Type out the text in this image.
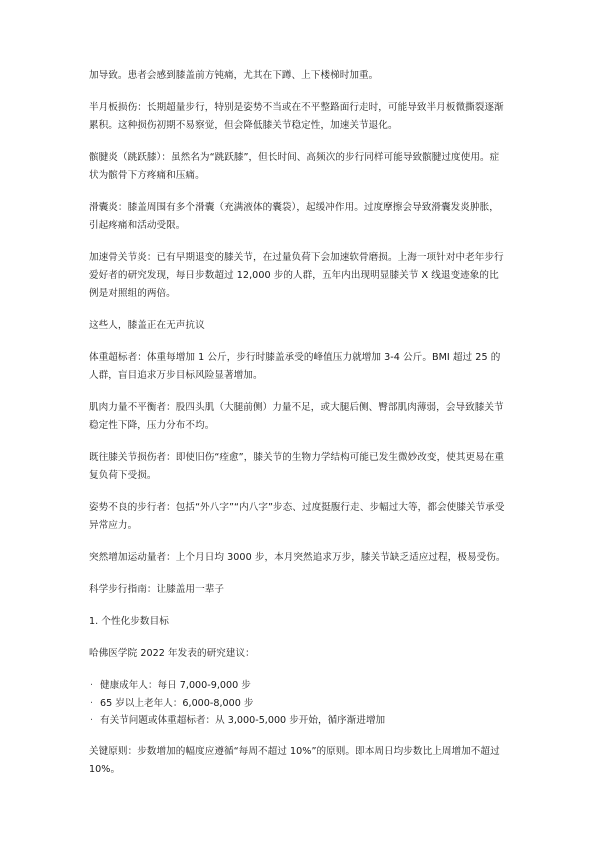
加导致。患者会感到膝盖前方钝痛，尤其在下蹲、上下楼梯时加重。

半月板损伤：长期超量步行，特别是姿势不当或在不平整路面行走时，可能导致半月板微撕裂逐渐累积。这种损伤初期不易察觉，但会降低膝关节稳定性，加速关节退化。

髌腱炎（跳跃膝）：虽然名为“跳跃膝”，但长时间、高频次的步行同样可能导致髌腱过度使用。症状为髌骨下方疼痛和压痛。

滑囊炎：膝盖周围有多个滑囊（充满液体的囊袋），起缓冲作用。过度摩擦会导致滑囊发炎肿胀，引起疼痛和活动受限。

加速骨关节炎：已有早期退变的膝关节，在过量负荷下会加速软骨磨损。上海一项针对中老年步行爱好者的研究发现，每日步数超过 12,000 步的人群，五年内出现明显膝关节 X 线退变迹象的比例是对照组的两倍。

这些人，膝盖正在无声抗议

体重超标者：体重每增加 1 公斤，步行时膝盖承受的峰值压力就增加 3-4 公斤。BMI 超过 25 的人群，盲目追求万步目标风险显著增加。

肌肉力量不平衡者：股四头肌（大腿前侧）力量不足，或大腿后侧、臀部肌肉薄弱，会导致膝关节稳定性下降，压力分布不均。

既往膝关节损伤者：即使旧伤“痊愈”，膝关节的生物力学结构可能已发生微妙改变，使其更易在重复负荷下受损。

姿势不良的步行者：包括“外八字”“内八字”步态、过度挺腹行走、步幅过大等，都会使膝关节承受异常应力。

突然增加运动量者：上个月日均 3000 步，本月突然追求万步，膝关节缺乏适应过程，极易受伤。

科学步行指南：让膝盖用一辈子

1. 个性化步数目标

哈佛医学院 2022 年发表的研究建议：

· 健康成年人：每日 7,000-9,000 步
· 65 岁以上老年人：6,000-8,000 步
· 有关节问题或体重超标者：从 3,000-5,000 步开始，循序渐进增加

关键原则：步数增加的幅度应遵循“每周不超过 10%”的原则。即本周日均步数比上周增加不超过 10%。
